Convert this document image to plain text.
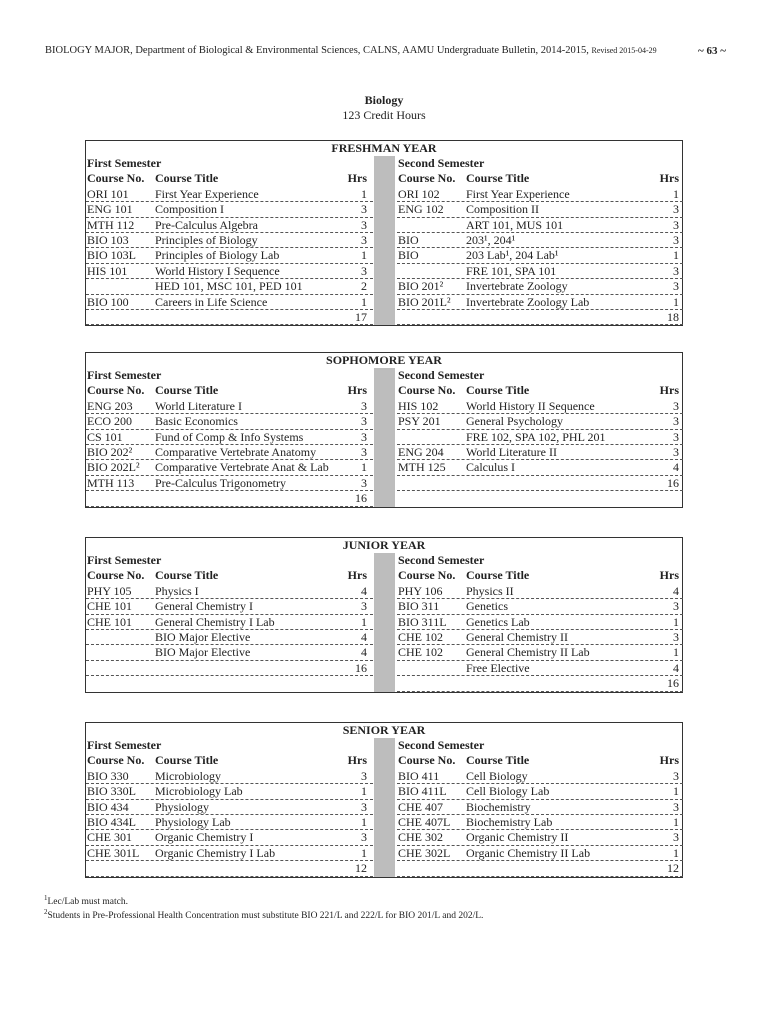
BIOLOGY MAJOR, Department of Biological & Environmental Sciences, CALNS, AAMU Undergraduate Bulletin, 2014-2015, Revised 2015-04-29	~ 63 ~
Biology
123 Credit Hours
FRESHMAN YEAR
First Semester
Course No. Course Title	Hrs
ORI 101 First Year Experience	1
ENG 101 Composition I	3
MTH 112 Pre-Calculus Algebra	3
BIO 103 Principles of Biology	3
BIO 103L Principles of Biology Lab	1
HIS 101 World History I Sequence	3
HED 101, MSC 101, PED 101	2
BIO 100 Careers in Life Science	1
17
Second Semester
Course No. Course Title	Hrs
ORI 102 First Year Experience	1
ENG 102 Composition II	3
ART 101, MUS 101	3
BIO	203¹, 204¹	3
BIO	203 Lab¹, 204 Lab¹	1
FRE 101, SPA 101	3
BIO 201² Invertebrate Zoology	3
BIO 201L² Invertebrate Zoology Lab	1
18
SOPHOMORE YEAR
First Semester
Course No. Course Title	Hrs
ENG 203 World Literature I	3
ECO 200 Basic Economics	3
CS 101	Fund of Comp & Info Systems	3
BIO 202² Comparative Vertebrate Anatomy	3
BIO 202L² Comparative Vertebrate Anat & Lab	1
MTH 113 Pre-Calculus Trigonometry	3
16
Second Semester
Course No. Course Title	Hrs
HIS 102 World History II Sequence	3
PSY 201 General Psychology	3
FRE 102, SPA 102, PHL 201	3
ENG 204 World Literature II	3
MTH 125 Calculus I	4
16
JUNIOR YEAR
First Semester
Course No. Course Title	Hrs
PHY 105 Physics I	4
CHE 101 General Chemistry I	3
CHE 101 General Chemistry I Lab	1
BIO Major Elective	4
BIO Major Elective	4
16
Second Semester
Course No. Course Title	Hrs
PHY 106 Physics II	4
BIO 311 Genetics	3
BIO 311L Genetics Lab	1
CHE 102 General Chemistry II	3
CHE 102 General Chemistry II Lab	1
Free Elective	4
16
SENIOR YEAR
First Semester
Course No. Course Title	Hrs
BIO 330 Microbiology	3
BIO 330L Microbiology Lab	1
BIO 434 Physiology	3
BIO 434L Physiology Lab	1
CHE 301 Organic Chemistry I	3
CHE 301L Organic Chemistry I Lab	1
12
Second Semester
Course No. Course Title	Hrs
BIO 411 Cell Biology	3
BIO 411L Cell Biology Lab	1
CHE 407 Biochemistry	3
CHE 407L Biochemistry Lab	1
CHE 302 Organic Chemistry II	3
CHE 302L Organic Chemistry II Lab	1
12
$^1$Lec/Lab must match.
$^2$Students in Pre-Professional Health Concentration must substitute BIO 221/L and 222/L for BIO 201/L and 202/L.
